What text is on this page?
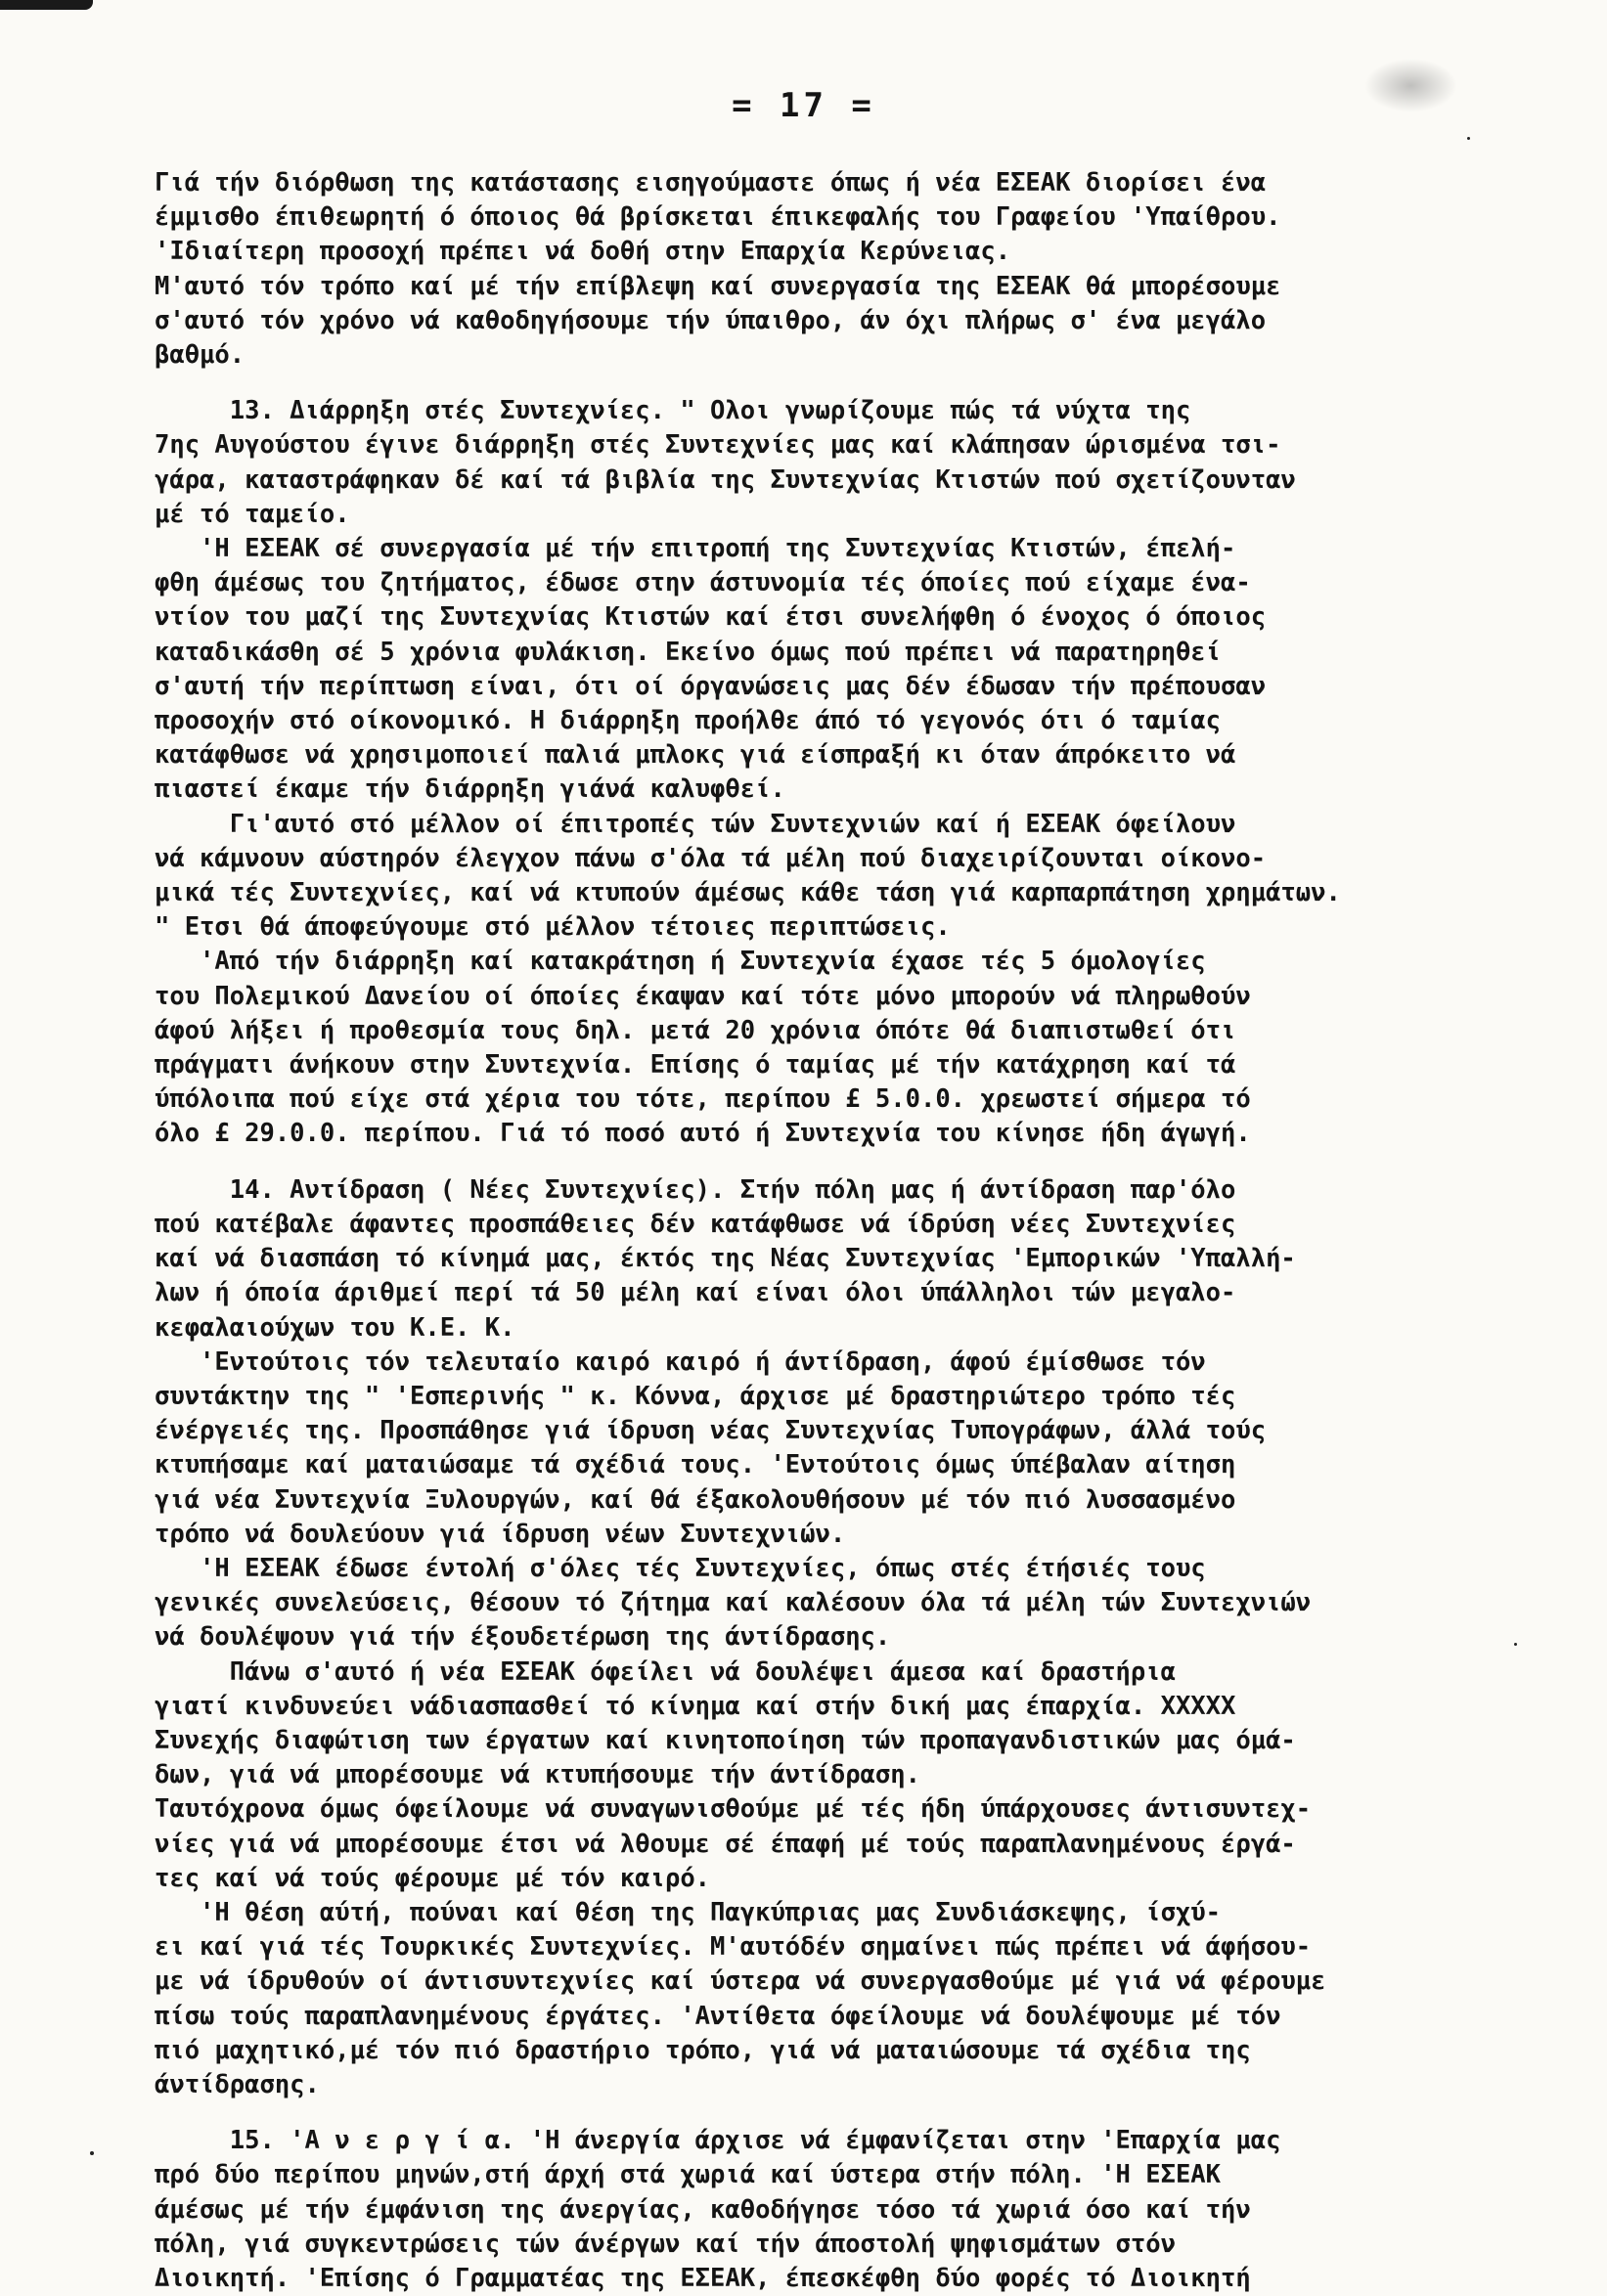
= 17 =
Γιά τήν διόρθωση της κατάστασης εισηγούμαστε όπως ή νέα ΕΣΕΑΚ διορίσει ένα
έμμισθο έπιθεωρητή ό όποιος θά βρίσκεται έπικεφαλής του Γραφείου 'Υπαίθρου.
'Ιδιαίτερη προσοχή πρέπει νά δοθή στην Επαρχία Κερύνειας.
Μ'αυτό τόν τρόπο καί μέ τήν επίβλεψη καί συνεργασία της ΕΣΕΑΚ θά μπορέσουμε
σ'αυτό τόν χρόνο νά καθοδηγήσουμε τήν ύπαιθρο, άν όχι πλήρως σ' ένα μεγάλο
βαθμό.
13. Διάρρηξη στές Συντεχνίες. " Ολοι γνωρίζουμε πώς τά νύχτα της
7ης Αυγούστου έγινε διάρρηξη στές Συντεχνίες μας καί κλάπησαν ώρισμένα τσι-
γάρα, καταστράφηκαν δέ καί τά βιβλία της Συντεχνίας Κτιστών πού σχετίζουνταν
μέ τό ταμείο.
'Η ΕΣΕΑΚ σέ συνεργασία μέ τήν επιτροπή της Συντεχνίας Κτιστών, έπελή-
φθη άμέσως του ζητήματος, έδωσε στην άστυνομία τές όποίες πού είχαμε ένα-
ντίον του μαζί της Συντεχνίας Κτιστών καί έτσι συνελήφθη ό ένοχος ό όποιος
καταδικάσθη σέ 5 χρόνια φυλάκιση. Εκείνο όμως πού πρέπει νά παρατηρηθεί
σ'αυτή τήν περίπτωση είναι, ότι οί όργανώσεις μας δέν έδωσαν τήν πρέπουσαν
προσοχήν στό οίκονομικό. Η διάρρηξη προήλθε άπό τό γεγονός ότι ό ταμίας
κατάφθωσε νά χρησιμοποιεί παλιά μπλοκς γιά είσπραξή κι όταν άπρόκειτο νά
πιαστεί έκαμε τήν διάρρηξη γιάνά καλυφθεί.
Γι'αυτό στό μέλλον οί έπιτροπές τών Συντεχνιών καί ή ΕΣΕΑΚ όφείλουν
νά κάμνουν αύστηρόν έλεγχον πάνω σ'όλα τά μέλη πού διαχειρίζουνται οίκονο-
μικά τές Συντεχνίες, καί νά κτυπούν άμέσως κάθε τάση γιά καρπαρπάτηση χρημάτων.
" Ετσι θά άποφεύγουμε στό μέλλον τέτοιες περιπτώσεις.
'Από τήν διάρρηξη καί κατακράτηση ή Συντεχνία έχασε τές 5 όμολογίες
του Πολεμικού Δανείου οί όποίες έκαψαν καί τότε μόνο μπορούν νά πληρωθούν
άφού λήξει ή προθεσμία τους δηλ. μετά 20 χρόνια όπότε θά διαπιστωθεί ότι
πράγματι άνήκουν στην Συντεχνία. Επίσης ό ταμίας μέ τήν κατάχρηση καί τά
ύπόλοιπα πού είχε στά χέρια του τότε, περίπου £ 5.0.0. χρεωστεί σήμερα τό
όλο £ 29.0.0. περίπου. Γιά τό ποσό αυτό ή Συντεχνία του κίνησε ήδη άγωγή.
14. Αντίδραση ( Νέες Συντεχνίες). Στήν πόλη μας ή άντίδραση παρ'όλο
πού κατέβαλε άφαντες προσπάθειες δέν κατάφθωσε νά ίδρύση νέες Συντεχνίες
καί νά διασπάση τό κίνημά μας, έκτός της Νέας Συντεχνίας 'Εμπορικών 'Υπαλλή-
λων ή όποία άριθμεί περί τά 50 μέλη καί είναι όλοι ύπάλληλοι τών μεγαλο-
κεφαλαιούχων του Κ.Ε. Κ.
'Εντούτοις τόν τελευταίο καιρό καιρό ή άντίδραση, άφού έμίσθωσε τόν
συντάκτην της " 'Εσπερινής " κ. Κόννα, άρχισε μέ δραστηριώτερο τρόπο τές
ένέργειές της. Προσπάθησε γιά ίδρυση νέας Συντεχνίας Τυπογράφων, άλλά τούς
κτυπήσαμε καί ματαιώσαμε τά σχέδιά τους. 'Εντούτοις όμως ύπέβαλαν αίτηση
γιά νέα Συντεχνία Ξυλουργών, καί θά έξακολουθήσουν μέ τόν πιό λυσσασμένο
τρόπο νά δουλεύουν γιά ίδρυση νέων Συντεχνιών.
'Η ΕΣΕΑΚ έδωσε έντολή σ'όλες τές Συντεχνίες, όπως στές έτήσιές τους
γενικές συνελεύσεις, θέσουν τό ζήτημα καί καλέσουν όλα τά μέλη τών Συντεχνιών
νά δουλέψουν γιά τήν έξουδετέρωση της άντίδρασης.
Πάνω σ'αυτό ή νέα ΕΣΕΑΚ όφείλει νά δουλέψει άμεσα καί δραστήρια
γιατί κινδυνεύει νάδιασπασθεί τό κίνημα καί στήν δική μας έπαρχία. ΧΧΧΧΧ
Συνεχής διαφώτιση των έργατων καί κινητοποίηση τών προπαγανδιστικών μας όμά-
δων, γιά νά μπορέσουμε νά κτυπήσουμε τήν άντίδραση.
Ταυτόχρονα όμως όφείλουμε νά συναγωνισθούμε μέ τές ήδη ύπάρχουσες άντισυντεχ-
νίες γιά νά μπορέσουμε έτσι νά λθουμε σέ έπαφή μέ τούς παραπλανημένους έργά-
τες καί νά τούς φέρουμε μέ τόν καιρό.
'Η θέση αύτή, πούναι καί θέση της Παγκύπριας μας Συνδιάσκεψης, ίσχύ-
ει καί γιά τές Τουρκικές Συντεχνίες. Μ'αυτόδέν σημαίνει πώς πρέπει νά άφήσου-
με νά ίδρυθούν οί άντισυντεχνίες καί ύστερα νά συνεργασθούμε μέ γιά νά φέρουμε
πίσω τούς παραπλανημένους έργάτες. 'Αντίθετα όφείλουμε νά δουλέψουμε μέ τόν
πιό μαχητικό,μέ τόν πιό δραστήριο τρόπο, γιά νά ματαιώσουμε τά σχέδια της
άντίδρασης.
15. 'Α ν ε ρ γ ί α. 'Η άνεργία άρχισε νά έμφανίζεται στην 'Επαρχία μας
πρό δύο περίπου μηνών,στή άρχή στά χωριά καί ύστερα στήν πόλη. 'Η ΕΣΕΑΚ
άμέσως μέ τήν έμφάνιση της άνεργίας, καθοδήγησε τόσο τά χωριά όσο καί τήν
πόλη, γιά συγκεντρώσεις τών άνέργων καί τήν άποστολή ψηφισμάτων στόν
Διοικητή. 'Επίσης ό Γραμματέας της ΕΣΕΑΚ, έπεσκέφθη δύο φορές τό Διοικητή
